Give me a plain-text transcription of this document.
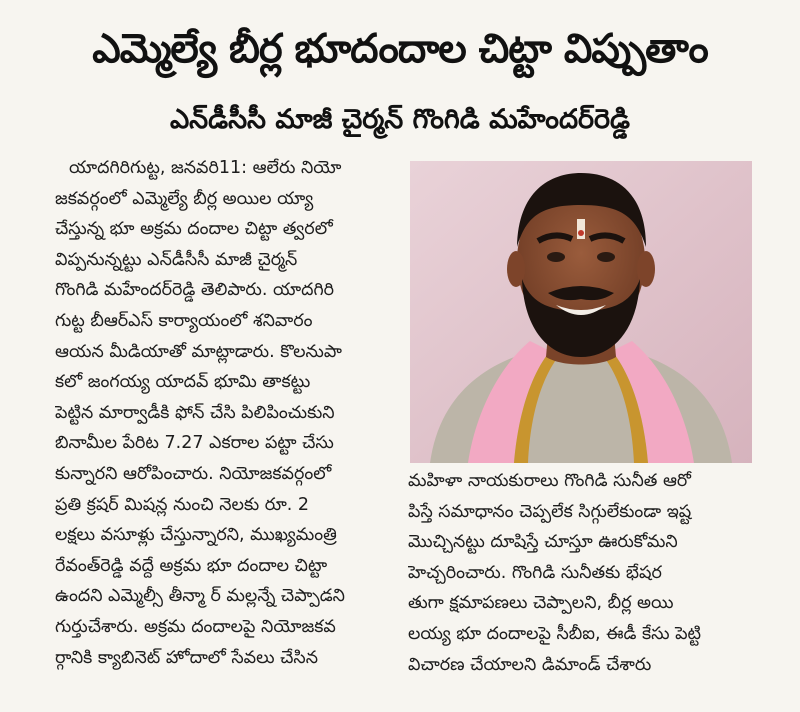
ఎమ్మెల్యే బీర్ల భూదందాల చిట్టా విప్పుతాం
ఎన్‌డీసీసీ మాజీ చైర్మన్ గొంగిడి మహేందర్‌రెడ్డి
యాదగిరిగుట్ట, జనవరి11: ఆలేరు నియో
జకవర్గంలో ఎమ్మెల్యే బీర్ల అయిల య్యా
చేస్తున్న భూ అక్రమ దందాల చిట్టా త్వరలో
విప్పనున్నట్టు ఎన్‌డీసీసీ మాజీ చైర్మన్
గొంగిడి మహేందర్‌రెడ్డి తెలిపారు. యాదగిరి
గుట్ట బీఆర్‌ఎస్ కార్యాయంలో శనివారం
ఆయన మీడియాతో మాట్లాడారు. కొలనుపా
కలో జంగయ్య యాదవ్ భూమి తాకట్టు
పెట్టిన మార్వాడీకి ఫోన్ చేసి పిలిపించుకుని
బినామీల పేరిట 7.27 ఎకరాల పట్టా చేసు
కున్నారని ఆరోపించారు. నియోజకవర్గంలో
ప్రతి క్రషర్ మిషన్ల నుంచి నెలకు రూ. 2
లక్షలు వసూళ్లు చేస్తున్నారని, ముఖ్యమంత్రి
రేవంత్‌రెడ్డి వద్దే అక్రమ భూ దందాల చిట్టా
ఉందని ఎమ్మెల్సీ తీన్మా ర్ మల్లన్నే చెప్పాడని
గుర్తుచేశారు. అక్రమ దందాలపై నియోజకవ
ర్గానికి క్యాబినెట్ హోదాలో సేవలు చేసిన
మహిళా నాయకురాలు గొంగిడి సునీత ఆరో
పిస్తే సమాధానం చెప్పలేక సిగ్గులేకుండా ఇష్ట
మొచ్చినట్టు దూషిస్తే చూస్తూ ఊరుకోమని
హెచ్చరించారు. గొంగిడి సునీతకు భేషర
తుగా క్షమాపణలు చెప్పాలని, బీర్ల అయి
లయ్య భూ దందాలపై సీబీఐ, ఈడీ కేసు పెట్టి
విచారణ చేయాలని డిమాండ్ చేశారు
